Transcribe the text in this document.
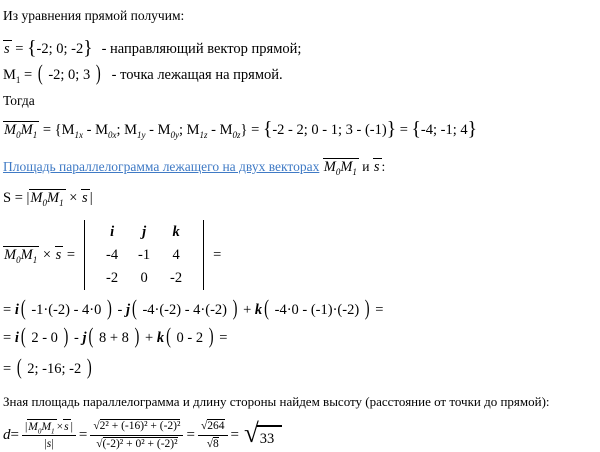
Из уравнения прямой получим:
s = {-2; 0; -2} - направляющий вектор прямой;
$M_1$ = ( -2; 0; 3 ) - точка лежащая на прямой.
Тогда
$M_0M_1 = \{M_{1x} - M_{0x}$; $M_{1y} - M_{0y}$; $M_{1z} - M_{0z}\} = \{-2 - 2$; 0 - 1; 3 - (-1)} = {-4; -1; 4}
Площадь параллелограмма лежащего на двух векторах $M_0M_1$ и s :
$S = |M_0M_1 \times s$ |
$M_0M_1 \times s$ =
i	j	k
-4	-1	4
-2	0	-2
=
= i ( -1·(-2) - 4·0 ) - j ( -4·(-2) - 4·(-2) ) + k ( -4·0 - (-1)·(-2) ) =
= i ( 2 - 0 ) - j ( 8 + 8 ) + k ( 0 - 2 ) =
= ( 2; -16; -2 )
Зная площадь параллелограмма и длину стороны найдем высоту (расстояние от точки до прямой):
$d = \frac{|M_0M_1 \times s |}{|s|} = \frac{\text{√2² + (-16)² + (-2)²}}{\text{√(-2)² + 0² + (-2)²}} = \frac{√264}{√8}$ = √ 33
